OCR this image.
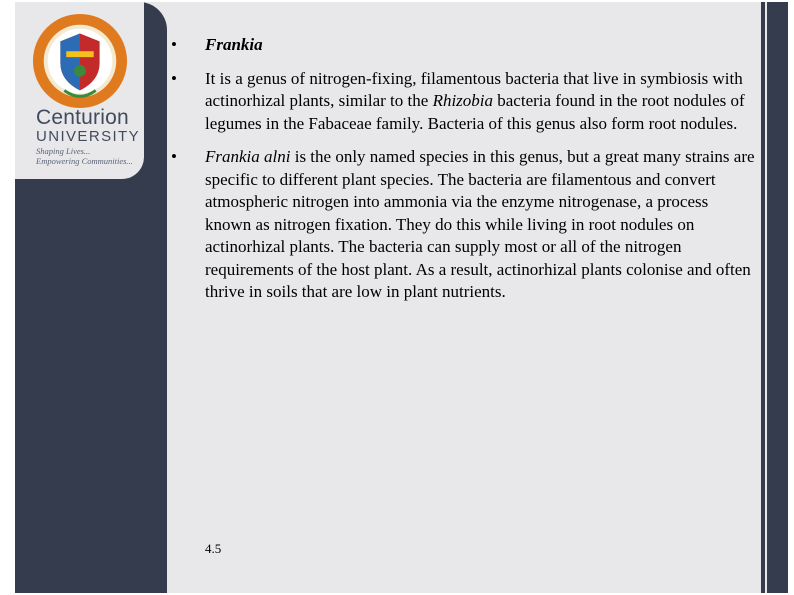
Centurion
UNIVERSITY
Shaping Lives...
Empowering Communities...
• Frankia
• It is a genus of nitrogen-fixing, filamentous bacteria that live in symbiosis with actinorhizal plants, similar to the Rhizobia bacteria found in the root nodules of legumes in the Fabaceae family. Bacteria of this genus also form root nodules.
• Frankia alni is the only named species in this genus, but a great many strains are specific to different plant species. The bacteria are filamentous and convert atmospheric nitrogen into ammonia via the enzyme nitrogenase, a process known as nitrogen fixation. They do this while living in root nodules on actinorhizal plants. The bacteria can supply most or all of the nitrogen requirements of the host plant. As a result, actinorhizal plants colonise and often thrive in soils that are low in plant nutrients.
4.5
